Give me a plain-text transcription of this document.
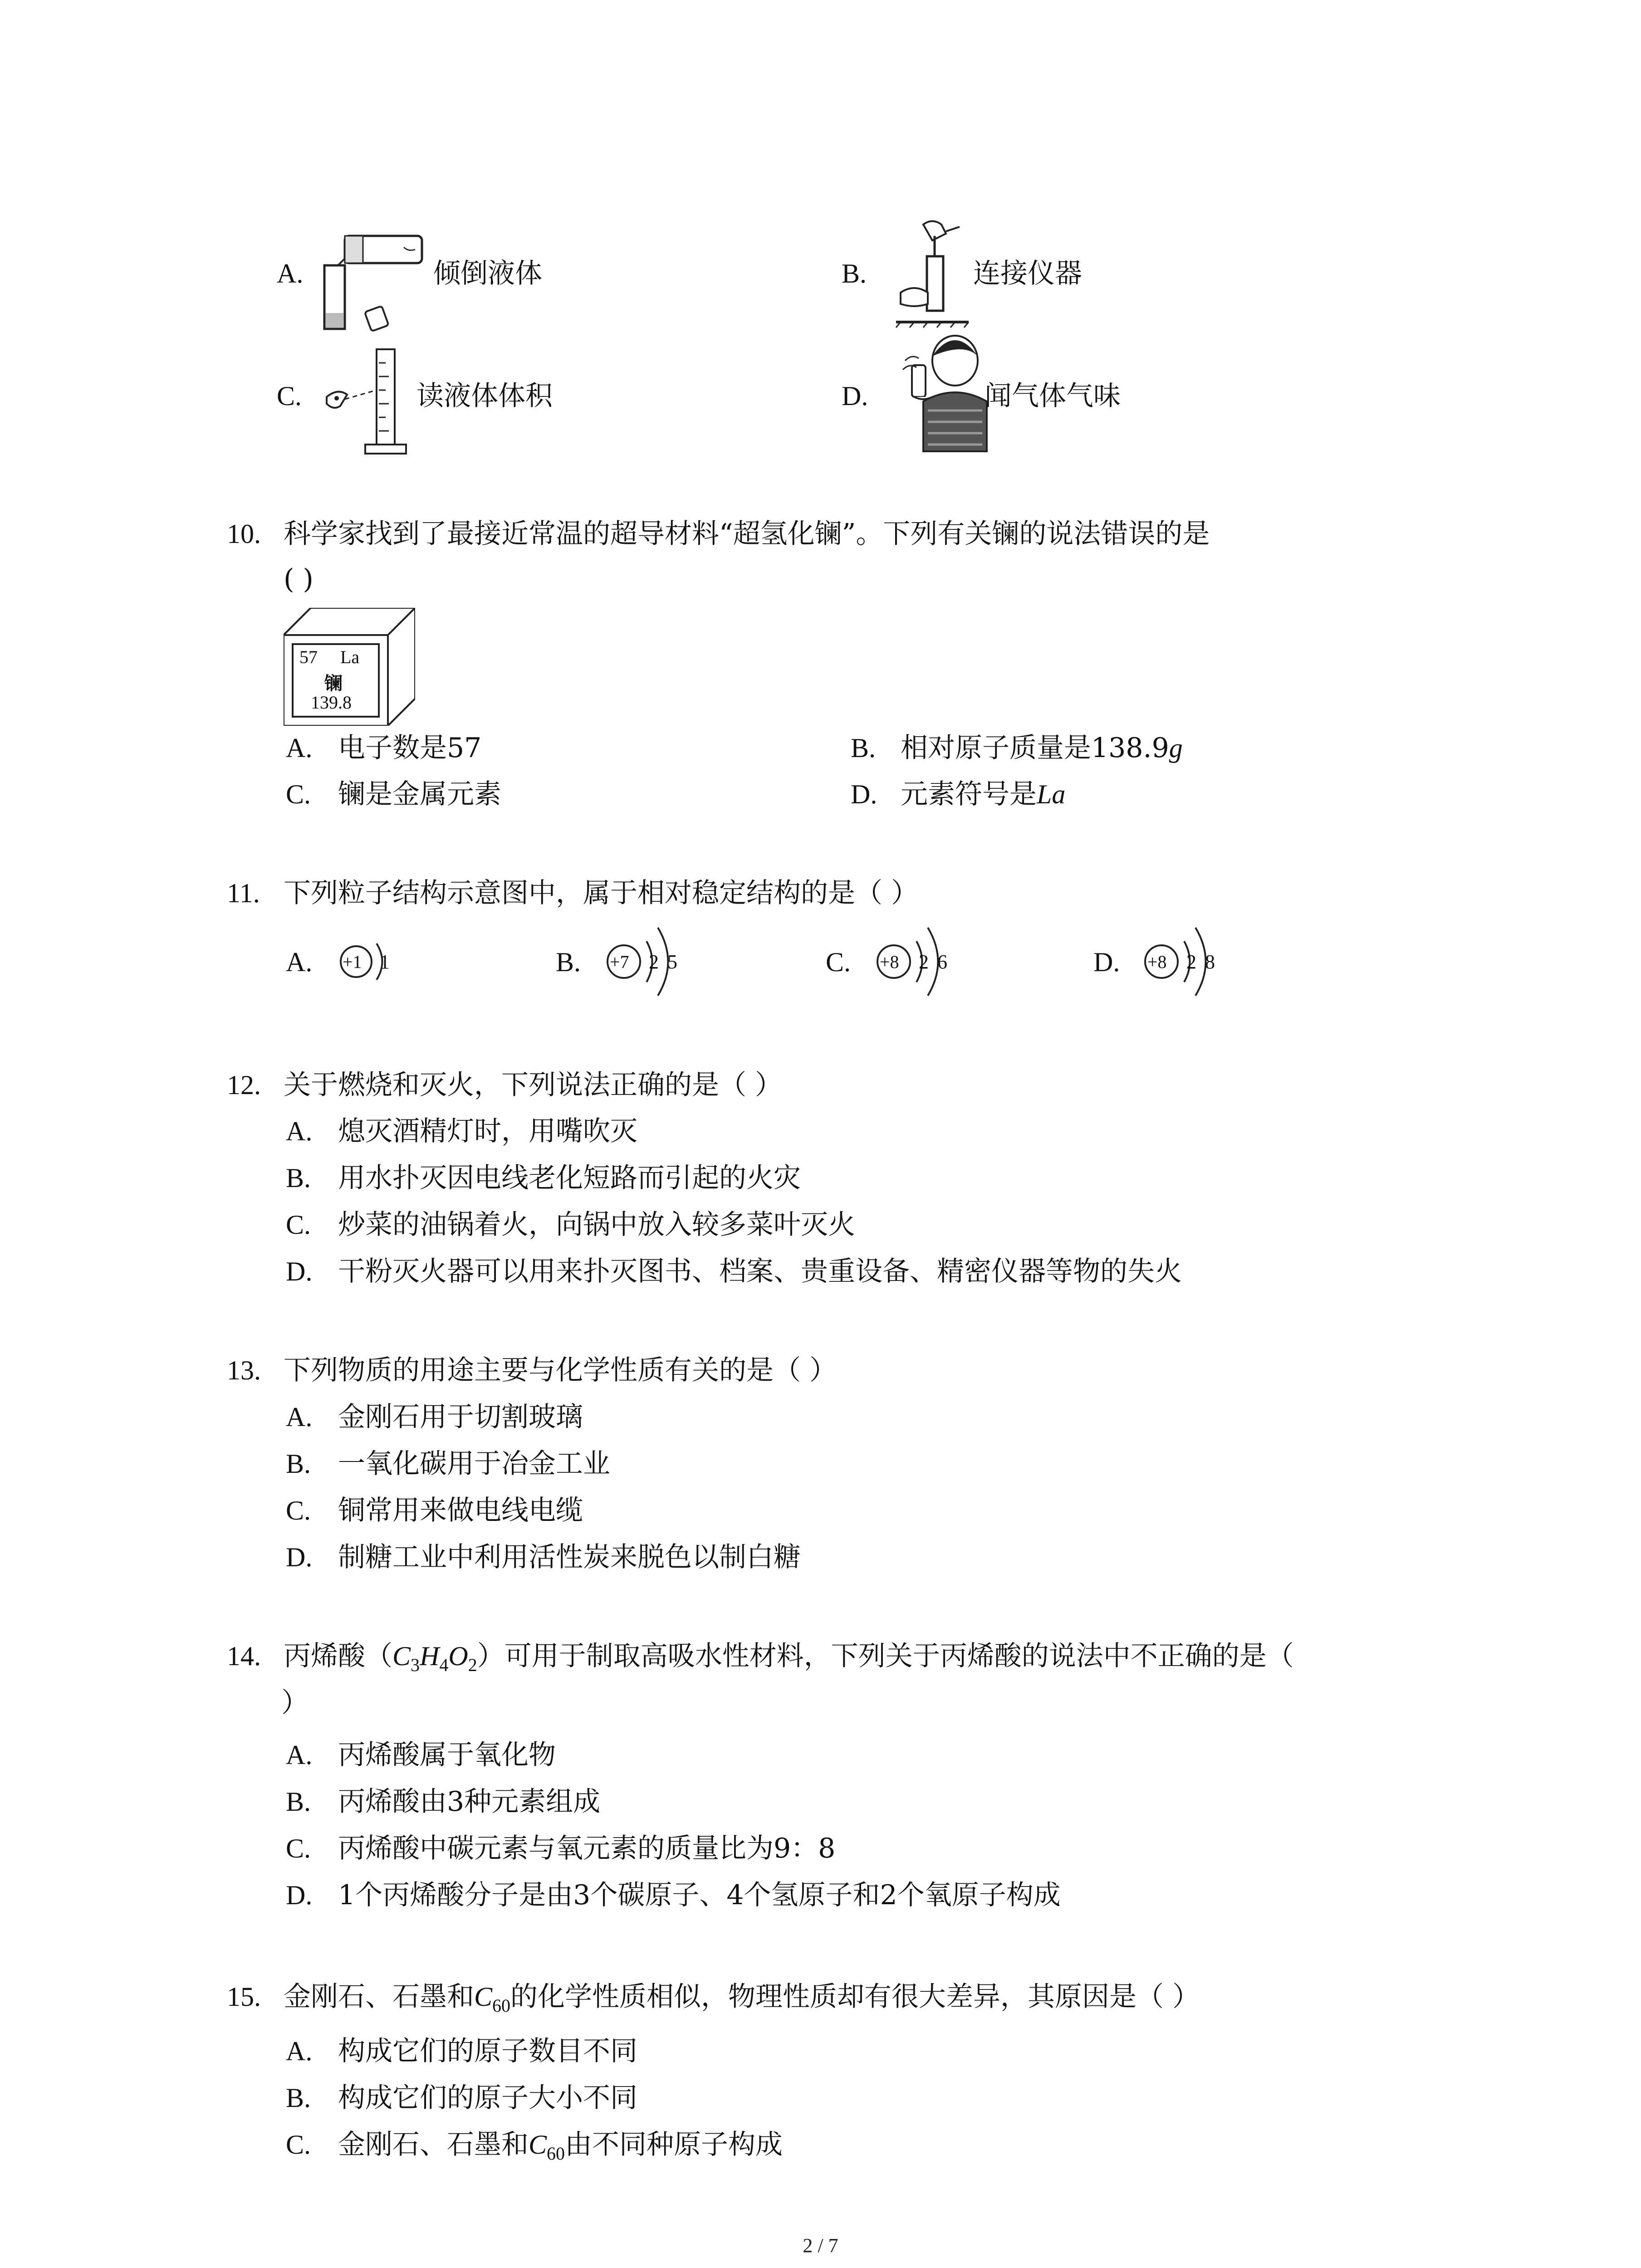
A.	倾倒液体	B.	连接仪器
C.	读液体体积	D.	闻气体气味
10. 科学家找到了最接近常温的超导材料“超氢化镧”。下列有关镧的说法错误的是
( )
57 La
镧
139.8
A. 电子数是57	B. 相对原子质量是138.9g
C. 镧是金属元素	D. 元素符号是La
11. 下列粒子结构示意图中，属于相对稳定结构的是（ ）
A. +1 1	B. +7 2 5	C. +8 2 6	D. +8 2 8
12. 关于燃烧和灭火，下列说法正确的是（ ）
A. 熄灭酒精灯时，用嘴吹灭
B. 用水扑灭因电线老化短路而引起的火灾
C. 炒菜的油锅着火，向锅中放入较多菜叶灭火
D. 干粉灭火器可以用来扑灭图书、档案、贵重设备、精密仪器等物的失火
13. 下列物质的用途主要与化学性质有关的是（ ）
A. 金刚石用于切割玻璃
B. 一氧化碳用于冶金工业
C. 铜常用来做电线电缆
D. 制糖工业中利用活性炭来脱色以制白糖
14. 丙烯酸$(C_3H_4O_2)$可用于制取高吸水性材料，下列关于丙烯酸的说法中不正确的是（
）
A. 丙烯酸属于氧化物
B. 丙烯酸由3种元素组成
C. 丙烯酸中碳元素与氧元素的质量比为9：8
D. 1个丙烯酸分子是由3个碳原子、4个氢原子和2个氧原子构成
15. 金刚石、石墨和$C_{60}$的化学性质相似，物理性质却有很大差异，其原因是（ ）
A. 构成它们的原子数目不同
B. 构成它们的原子大小不同
C. 金刚石、石墨和$C_{60}$由不同种原子构成
2 / 7
